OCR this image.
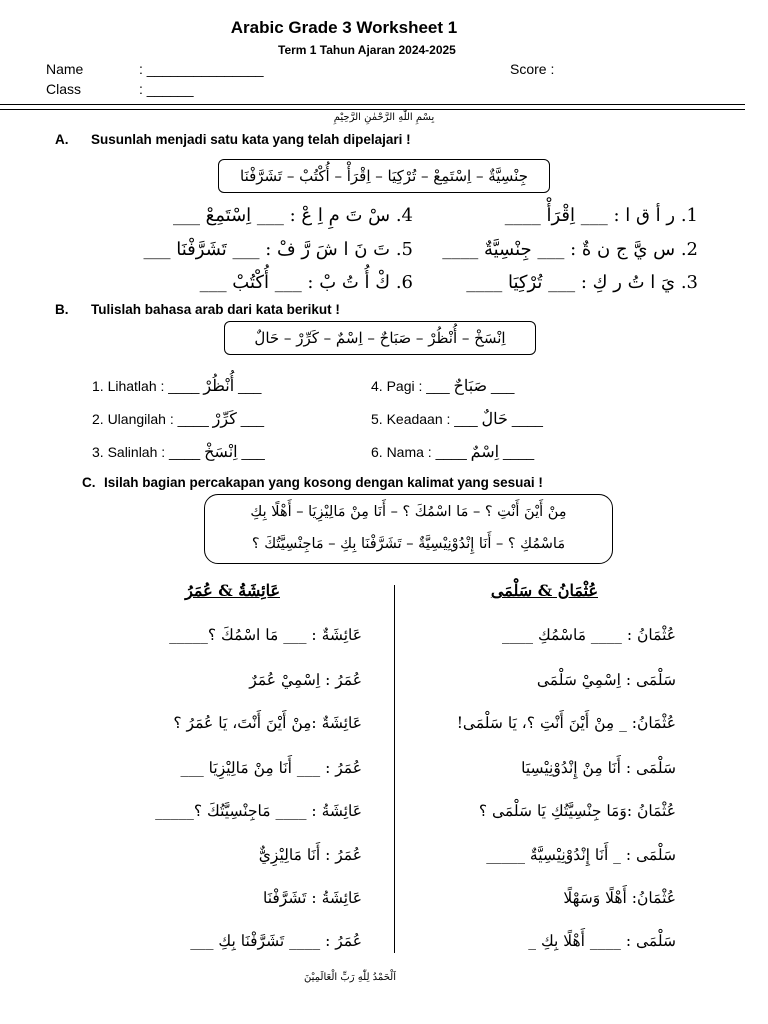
Arabic Grade 3 Worksheet 1
Term 1 Tahun Ajaran 2024-2025
Name	: _______________	Score :
Class	: ______
بِسْمِ اللّٰهِ الرَّحْمٰنِ الرَّحِيْمِ
A. Susunlah menjadi satu kata yang telah dipelajari !
جِنْسِيَّةٌ – اِسْتَمِعْ – تُرْكِيَا – اِقْرَأْ – أُكْتُبْ – تَشَرَّفْنَا
1. ر أ ق ا : ___ اِقْرَأْ ____
2. س يَّ ج ن ةٌ : ___ جِنْسِيَّةٌ ____
3. يَ ا تُ ر كِ : ___ تُرْكِيَا ____
4. سْ تَ مِ اِ عْ : ___ اِسْتَمِعْ ___
5. تَ نَ ا شَ رَّ فْ : ___ تَشَرَّفْنَا ___
6. كْ أُ تُ بْ : ___ أُكْتُبْ ___
B. Tulislah bahasa arab dari kata berikut !
اِنْسَخْ – أُنْظُرْ – صَبَاحٌ – اِسْمٌ – كَرِّرْ – حَالٌ
1. Lihatlah : ____ أُنْظُرْ ___
2. Ulangilah : ____ كَرِّرْ ___
3. Salinlah : ____ اِنْسَخْ ___
4. Pagi : ___ صَبَاحٌ ___
5. Keadaan : ___ حَالٌ ____
6. Nama : ____ اِسْمٌ ____
C. Isilah bagian percakapan yang kosong dengan kalimat yang sesuai !
مِنْ أَيْنَ أَنْتِ ؟ – مَا اسْمُكَ ؟ – أَنَا مِنْ مَالِيْزِيَا – أَهْلًا بِكِ
مَاسْمُكِ ؟ – أَنَا إِنْدُوْنِيْسِيَّةٌ – تَشَرَّفْنَا بِكِ – مَاجِنْسِيَّتُكَ ؟
عُثْمَانُ & سَلْمَى
عَائِشَةُ & عُمَرُ
عُثْمَانُ : ____ مَاسْمُكِ ____
سَلْمَى : اِسْمِيْ سَلْمَى
عُثْمَانُ: _ مِنْ أَيْنَ أَنْتِ ؟، يَا سَلْمَى!
سَلْمَى : أَنَا مِنْ إِنْدُوْنِيْسِيَا
عُثْمَانُ :وَمَا جِنْسِيَّتُكِ يَا سَلْمَى ؟
سَلْمَى : _ أَنَا إِنْدُوْنِيْسِيَّةٌ _____
عُثْمَانُ: أَهْلًا وَسَهْلًا
سَلْمَى : ____ أَهْلًا بِكِ _
عَائِشَةٌ : ___ مَا اسْمُكَ ؟_____
عُمَرُ : اِسْمِيْ عُمَرٌ
عَائِشَةٌ :مِنْ أَيْنَ أَنْتَ، يَا عُمَرُ ؟
عُمَرُ : ___ أَنَا مِنْ مَالِيْزِيَا ___
عَائِشَةُ : ____ مَاجِنْسِيَّتُكَ ؟_____
عُمَرُ : أَنَا مَالِيْزِيٌّ
عَائِشَةُ : تَشَرَّفْنَا
عُمَرُ : ____ تَشَرَّفْنَا بِكِ ___
اَلْحَمْدُ لِلّٰهِ رَبِّ الْعَالَمِيْنَ
